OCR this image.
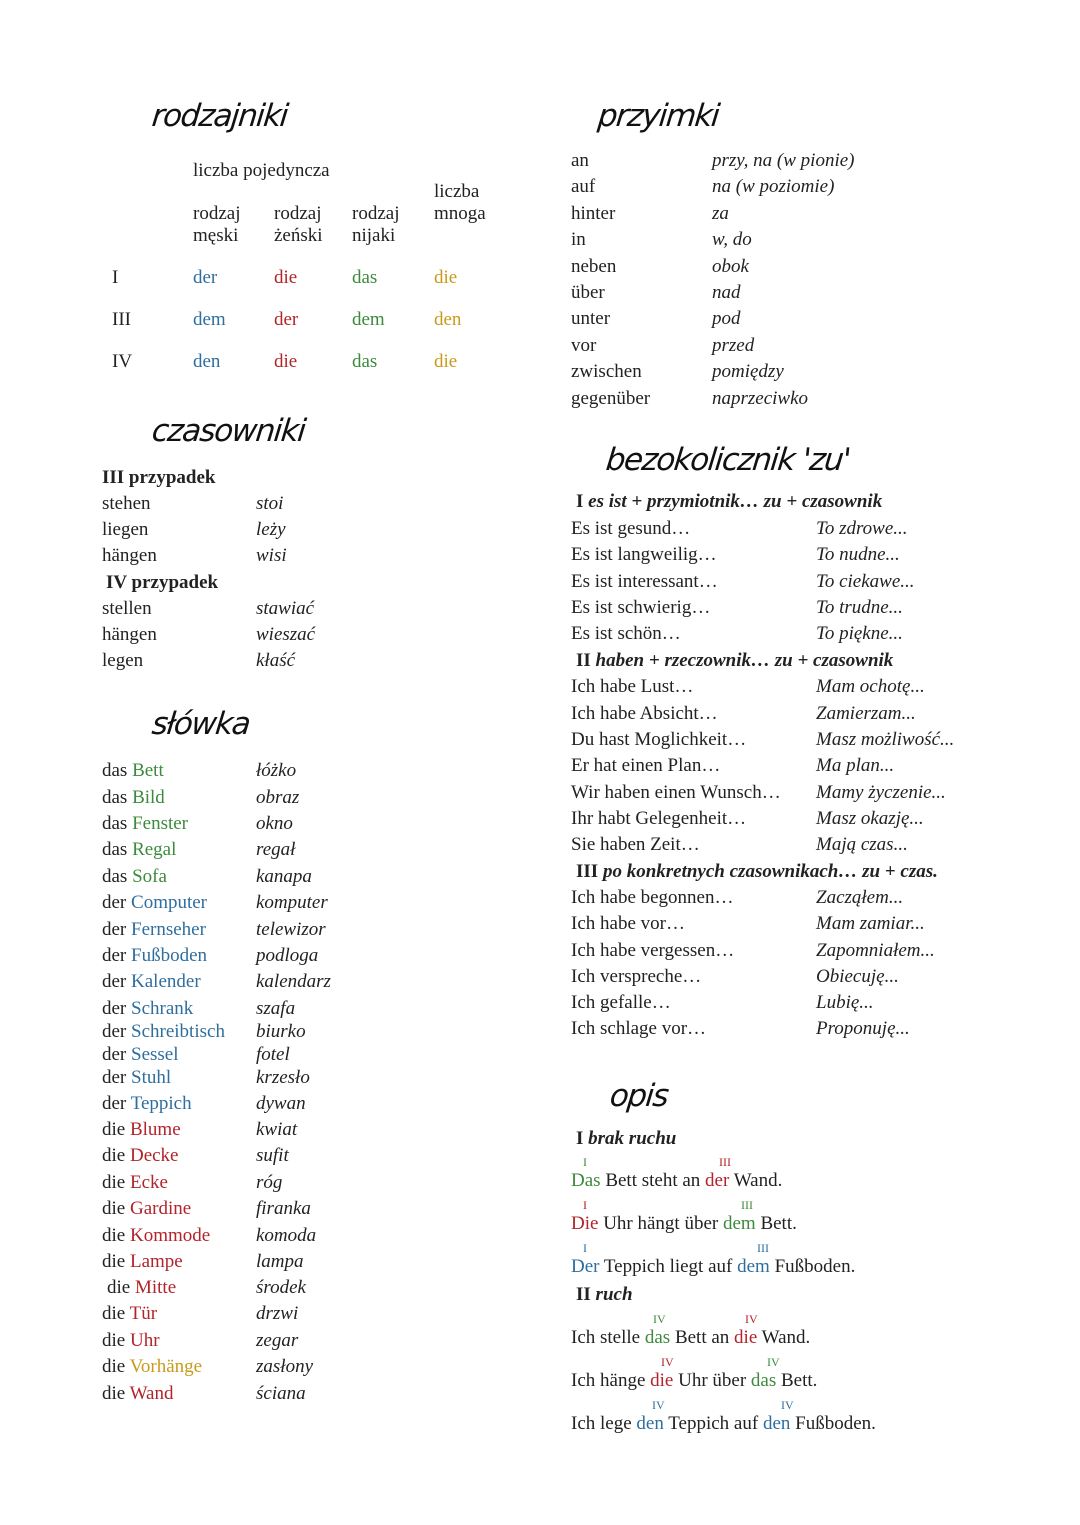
rodzajniki
liczba pojedyncza
liczba
mnoga
rodzaj
męski
rodzaj
żeński
rodzaj
nijaki
I	der	die	das	die
III	dem	der	dem	den
IV	den	die	das	die
czasowniki
III przypadek
stehen	stoi
liegen	leży
hängen	wisi
IV przypadek
stellen	stawiać
hängen	wieszać
legen	kłaść
słówka
das Bett	łóżko
das Bild	obraz
das Fenster	okno
das Regal	regał
das Sofa	kanapa
der Computer	komputer
der Fernseher	telewizor
der Fußboden	podloga
der Kalender	kalendarz
der Schrank	szafa
der Schreibtisch biurko
der Sessel	fotel
der Stuhl	krzesło
der Teppich	dywan
die Blume	kwiat
die Decke	sufit
die Ecke	róg
die Gardine	firanka
die Kommode komoda
die Lampe	lampa
die Mitte	środek
die Tür	drzwi
die Uhr	zegar
die Vorhänge	zasłony
die Wand	ściana
przyimki
an	przy, na (w pionie)
auf	na (w poziomie)
hinter	za
in	w, do
neben	obok
über	nad
unter	pod
vor	przed
zwischen	pomiędzy
gegenüber	naprzeciwko
bezokolicznik 'zu'
I es ist + przymiotnik… zu + czasownik
Es ist gesund…	To zdrowe...
Es ist langweilig…	To nudne...
Es ist interessant…	To ciekawe...
Es ist schwierig…	To trudne...
Es ist schön…	To piękne...
II haben + rzeczownik… zu + czasownik
Ich habe Lust…	Mam ochotę...
Ich habe Absicht…	Zamierzam...
Du hast Moglichkeit…	Masz możliwość...
Er hat einen Plan…	Ma plan...
Wir haben einen Wunsch… Mamy życzenie...
Ihr habt Gelegenheit…	Masz okazję...
Sie haben Zeit…	Mają czas...
III po konkretnych czasownikach… zu + czas.
Ich habe begonnen…	Zacząłem...
Ich habe vor…	Mam zamiar...
Ich habe vergessen…	Zapomniałem...
Ich verspreche…	Obiecuję...
Ich gefalle…	Lubię...
Ich schlage vor…	Proponuję...
opis
I brak ruchu
II ruch
I	III
Das Bett steht an der Wand.
I	III
Die Uhr hängt über dem Bett.
I	III
Der Teppich liegt auf dem Fußboden.
IV	IV
Ich stelle das Bett an die Wand.
IV	IV
Ich hänge die Uhr über das Bett.
IV	IV
Ich lege den Teppich auf den Fußboden.
